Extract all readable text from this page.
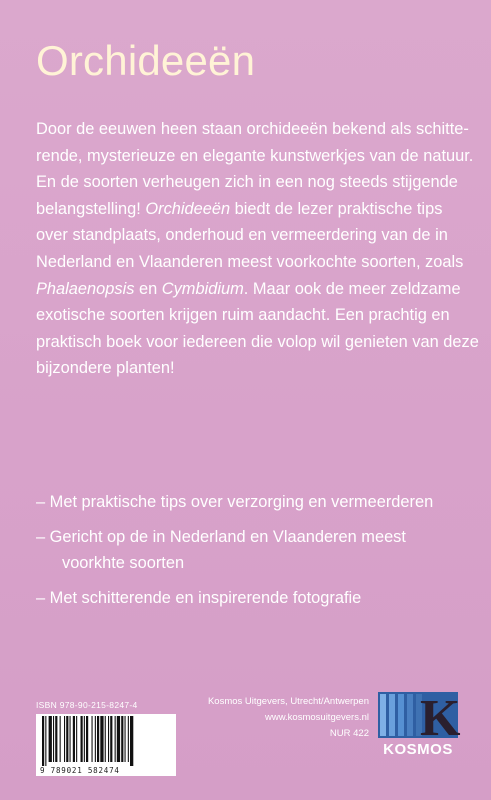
Orchideeën
Door de eeuwen heen staan orchideeën bekend als schitte-
rende, mysterieuze en elegante kunstwerkjes van de natuur.
En de soorten verheugen zich in een nog steeds stijgende
belangstelling! Orchideeën biedt de lezer praktische tips
over standplaats, onderhoud en vermeerdering van de in
Nederland en Vlaanderen meest voorkochte soorten, zoals
Phalaenopsis en Cymbidium. Maar ook de meer zeldzame
exotische soorten krijgen ruim aandacht. Een prachtig en
praktisch boek voor iedereen die volop wil genieten van deze
bijzondere planten!
– Met praktische tips over verzorging en vermeerderen
– Gericht op de in Nederland en Vlaanderen meest
voorkhte soorten
– Met schitterende en inspirerende fotografie
ISBN 978-90-215-8247-4
9 789021 582474
Kosmos Uitgevers, Utrecht/Antwerpen
www.kosmosuitgevers.nl
NUR 422 K
KOSMOS
